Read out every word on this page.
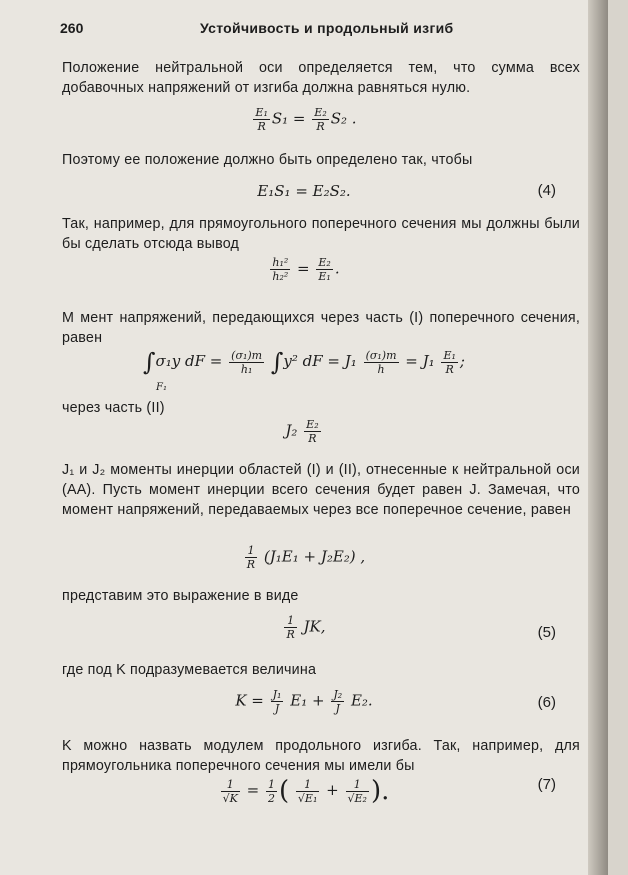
260	Устойчивость и продольный изгиб
Положение нейтральной оси определяется тем, что сумма всех добавочных напряжений от изгиба должна равняться нулю.
$\frac{\text{E₁}}{R} S_1 = \frac{\text{E₂}}{R} S_2$ .
Поэтому ее положение должно быть определено так, чтобы
E₁S₁ = E₂S₂.	(4)
Так, например, для прямоугольного поперечного сечения мы должны были бы сделать отсюда вывод
$\frac{\text{h₁²}}{\text{h₂²}} = \frac{\text{E₂}}{\text{E₁}}$ .
М мент напряжений, передающихся через часть (I) поперечного сечения, равен
∫σ₁y dF = $\frac{\text{(σ₁)m}}{\text{h₁}} \int y^2$ dF = $J_1 \frac{\text{(σ₁)m}}{h} = J_1 \frac{\text{E₁}}{R}$ ;
F₁
через часть (II)
$J_2 \frac{\text{E₂}}{R}$
J₁ и J₂ моменты инерции областей (I) и (II), отнесенные к нейтральной оси (AA). Пусть момент инерции всего сечения будет равен J. Замечая, что момент напряжений, передаваемых через все поперечное сечение, равен
$\frac{1}{R} (J_1E_1 + J_2E_2)$ ,
представим это выражение в виде
$\frac{1}{R}$ JK,	(5)
где под K подразумевается величина
$K = \frac{\text{J₁}}{J} E_1 + \frac{\text{J₂}}{J} E_2$.	(6)
K можно назвать модулем продольного изгиба. Так, например, для прямоугольника поперечного сечения мы имели бы
$\frac{1}{√K} = \frac{1}{2}$ ( $\frac{1}{\text{√E₁}} + \frac{1}{\text{√E₂}}$ ).	(7)
